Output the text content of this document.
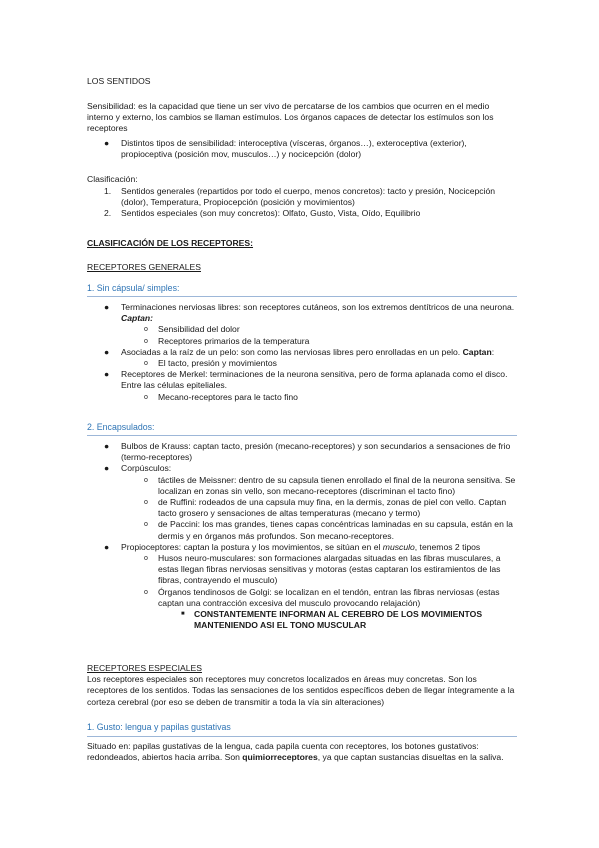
LOS SENTIDOS

Sensibilidad: es la capacidad que tiene un ser vivo de percatarse de los cambios que ocurren en el medio interno y externo, los cambios se llaman estímulos. Los órganos capaces de detectar los estímulos son los receptores

● Distintos tipos de sensibilidad: interoceptiva (vísceras, órganos…), exteroceptiva (exterior), propioceptiva (posición mov, musculos…) y nocicepción (dolor)

Clasificación:

1. Sentidos generales (repartidos por todo el cuerpo, menos concretos): tacto y presión, Nocicepción (dolor), Temperatura, Propiocepción (posición y movimientos)
2. Sentidos especiales (son muy concretos): Olfato, Gusto, Vista, Oído, Equilibrio

CLASIFICACIÓN DE LOS RECEPTORES:

RECEPTORES GENERALES

1. Sin cápsula/ simples:

● Terminaciones nerviosas libres: son receptores cutáneos, son los extremos dentítricos de una neurona. Captan:
o Sensibilidad del dolor
o Receptores primarios de la temperatura
● Asociadas a la raíz de un pelo: son como las nerviosas libres pero enrolladas en un pelo. Captan:
o El tacto, presión y movimientos
● Receptores de Merkel: terminaciones de la neurona sensitiva, pero de forma aplanada como el disco. Entre las células epiteliales.
o Mecano-receptores para le tacto fino

2. Encapsulados:

● Bulbos de Krauss: captan tacto, presión (mecano-receptores) y son secundarios a sensaciones de frio (termo-receptores)
● Corpúsculos:
o táctiles de Meissner: dentro de su capsula tienen enrollado el final de la neurona sensitiva. Se localizan en zonas sin vello, son mecano-receptores (discriminan el tacto fino)
o de Ruffini: rodeados de una capsula muy fina, en la dermis, zonas de piel con vello. Captan tacto grosero y sensaciones de altas temperaturas (mecano y termo)
o de Paccini: los mas grandes, tienes capas concéntricas laminadas en su capsula, están en la dermis y en órganos más profundos. Son mecano-receptores.
● Propioceptores: captan la postura y los movimientos, se sitúan en el musculo, tenemos 2 tipos
o Husos neuro-musculares: son formaciones alargadas situadas en las fibras musculares, a estas llegan fibras nerviosas sensitivas y motoras (estas captaran los estiramientos de las fibras, contrayendo el musculo)
o Órganos tendinosos de Golgi: se localizan en el tendón, entran las fibras nerviosas (estas captan una contracción excesiva del musculo provocando relajación)
■ CONSTANTEMENTE INFORMAN AL CEREBRO DE LOS MOVIMIENTOS MANTENIENDO ASI EL TONO MUSCULAR

RECEPTORES ESPECIALES

Los receptores especiales son receptores muy concretos localizados en áreas muy concretas. Son los receptores de los sentidos. Todas las sensaciones de los sentidos específicos deben de llegar íntegramente a la corteza cerebral (por eso se deben de transmitir a toda la vía sin alteraciones)

1. Gusto: lengua y papilas gustativas

Situado en: papilas gustativas de la lengua, cada papila cuenta con receptores, los botones gustativos: redondeados, abiertos hacia arriba. Son quimiorreceptores, ya que captan sustancias disueltas en la saliva.
